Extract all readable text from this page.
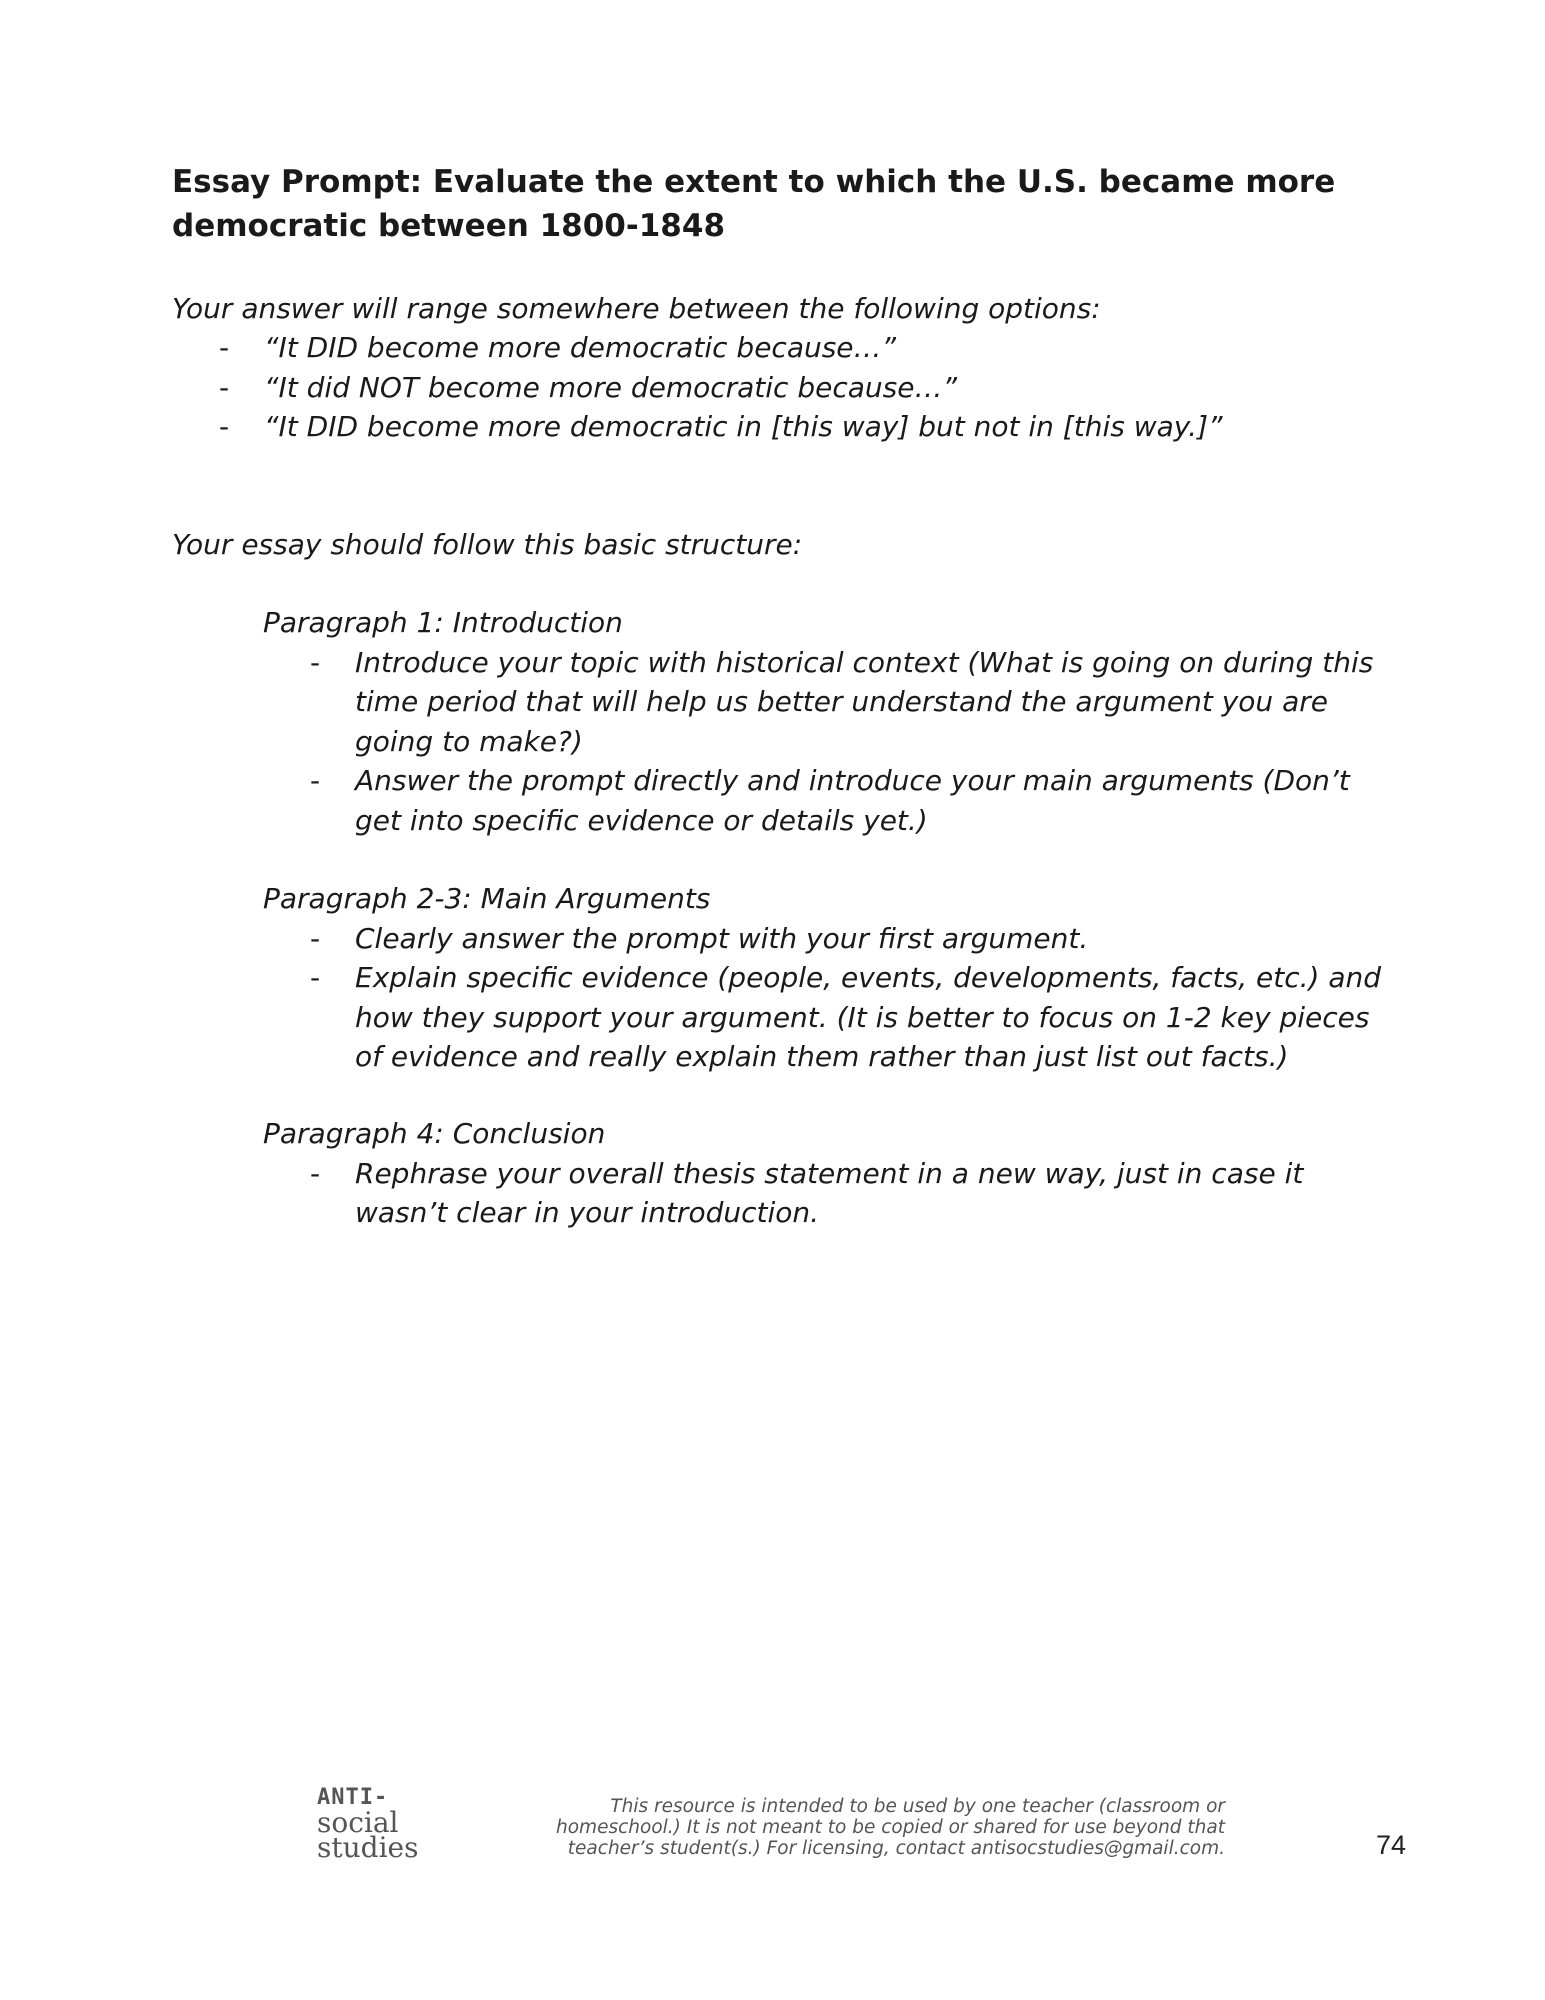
Essay Prompt: Evaluate the extent to which the U.S. became more democratic between 1800-1848

Your answer will range somewhere between the following options:

- “It DID become more democratic because…”
- “It did NOT become more democratic because…”
- “It DID become more democratic in [this way] but not in [this way.]”

Your essay should follow this basic structure:

Paragraph 1: Introduction

- Introduce your topic with historical context (What is going on during this time period that will help us better understand the argument you are going to make?)
- Answer the prompt directly and introduce your main arguments (Don’t get into specific evidence or details yet.)

Paragraph 2-3: Main Arguments

- Clearly answer the prompt with your first argument.
- Explain specific evidence (people, events, developments, facts, etc.) and how they support your argument. (It is better to focus on 1-2 key pieces of evidence and really explain them rather than just list out facts.)

Paragraph 4: Conclusion

- Rephrase your overall thesis statement in a new way, just in case it wasn’t clear in your introduction.
ANTI-
social
studies

This resource is intended to be used by one teacher (classroom or
homeschool.) It is not meant to be copied or shared for use beyond that
teacher’s student(s.) For licensing, contact antisocstudies@gmail.com.	74
